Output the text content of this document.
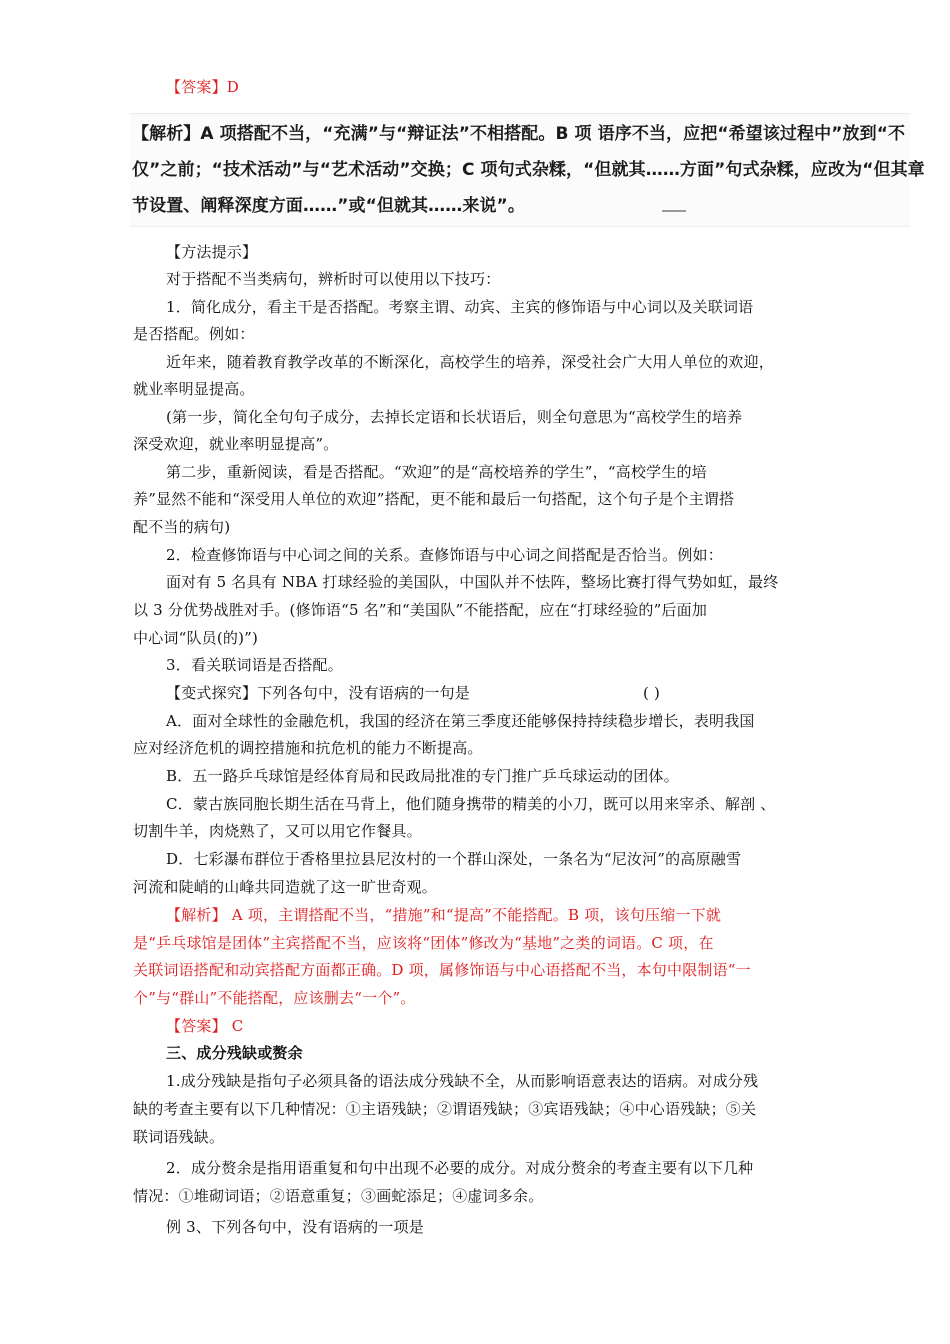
【答案】D
【解析】A 项搭配不当，“充满”与“辩证法”不相搭配。B 项 语序不当，应把“希望该过程中”放到“不
仅”之前；“技术活动”与“艺术活动”交换；C 项句式杂糅，“但就其……方面”句式杂糅，应改为“但其章
节设置、阐释深度方面……”或“但就其……来说”。
【方法提示】
对于搭配不当类病句，辨析时可以使用以下技巧：
1．简化成分，看主干是否搭配。考察主谓、动宾、主宾的修饰语与中心词以及关联词语
是否搭配。例如：
近年来，随着教育教学改革的不断深化，高校学生的培养，深受社会广大用人单位的欢迎，
就业率明显提高。
(第一步，简化全句句子成分，去掉长定语和长状语后，则全句意思为“高校学生的培养
深受欢迎，就业率明显提高”。
第二步，重新阅读，看是否搭配。“欢迎”的是“高校培养的学生”，“高校学生的培
养”显然不能和“深受用人单位的欢迎”搭配，更不能和最后一句搭配，这个句子是个主谓搭
配不当的病句)
2．检查修饰语与中心词之间的关系。查修饰语与中心词之间搭配是否恰当。例如：
面对有 5 名具有 NBA 打球经验的美国队，中国队并不怯阵，整场比赛打得气势如虹，最终
以 3 分优势战胜对手。(修饰语“5 名”和“美国队”不能搭配，应在“打球经验的”后面加
中心词“队员(的)”)
3．看关联词语是否搭配。
【变式探究】下列各句中，没有语病的一句是	( )
A．面对全球性的金融危机，我国的经济在第三季度还能够保持持续稳步增长，表明我国
应对经济危机的调控措施和抗危机的能力不断提高。
B．五一路乒乓球馆是经体育局和民政局批准的专门推广乒乓球运动的团体。
C．蒙古族同胞长期生活在马背上，他们随身携带的精美的小刀，既可以用来宰杀、解剖 、
切割牛羊，肉烧熟了，又可以用它作餐具。
D．七彩瀑布群位于香格里拉县尼汝村的一个群山深处，一条名为“尼汝河”的高原融雪
河流和陡峭的山峰共同造就了这一旷世奇观。
【解析】 A 项，主谓搭配不当，“措施”和“提高”不能搭配。B 项，该句压缩一下就
是“乒乓球馆是团体”主宾搭配不当，应该将“团体”修改为“基地”之类的词语。C 项，在
关联词语搭配和动宾搭配方面都正确。D 项，属修饰语与中心语搭配不当，本句中限制语“一
个”与“群山”不能搭配，应该删去“一个”。
【答案】 C
三、成分残缺或赘余
1.成分残缺是指句子必须具备的语法成分残缺不全，从而影响语意表达的语病。对成分残
缺的考查主要有以下几种情况：①主语残缺；②谓语残缺；③宾语残缺；④中心语残缺；⑤关
联词语残缺。
2．成分赘余是指用语重复和句中出现不必要的成分。对成分赘余的考查主要有以下几种
情况：①堆砌词语；②语意重复；③画蛇添足；④虚词多余。
例 3、下列各句中，没有语病的一项是
